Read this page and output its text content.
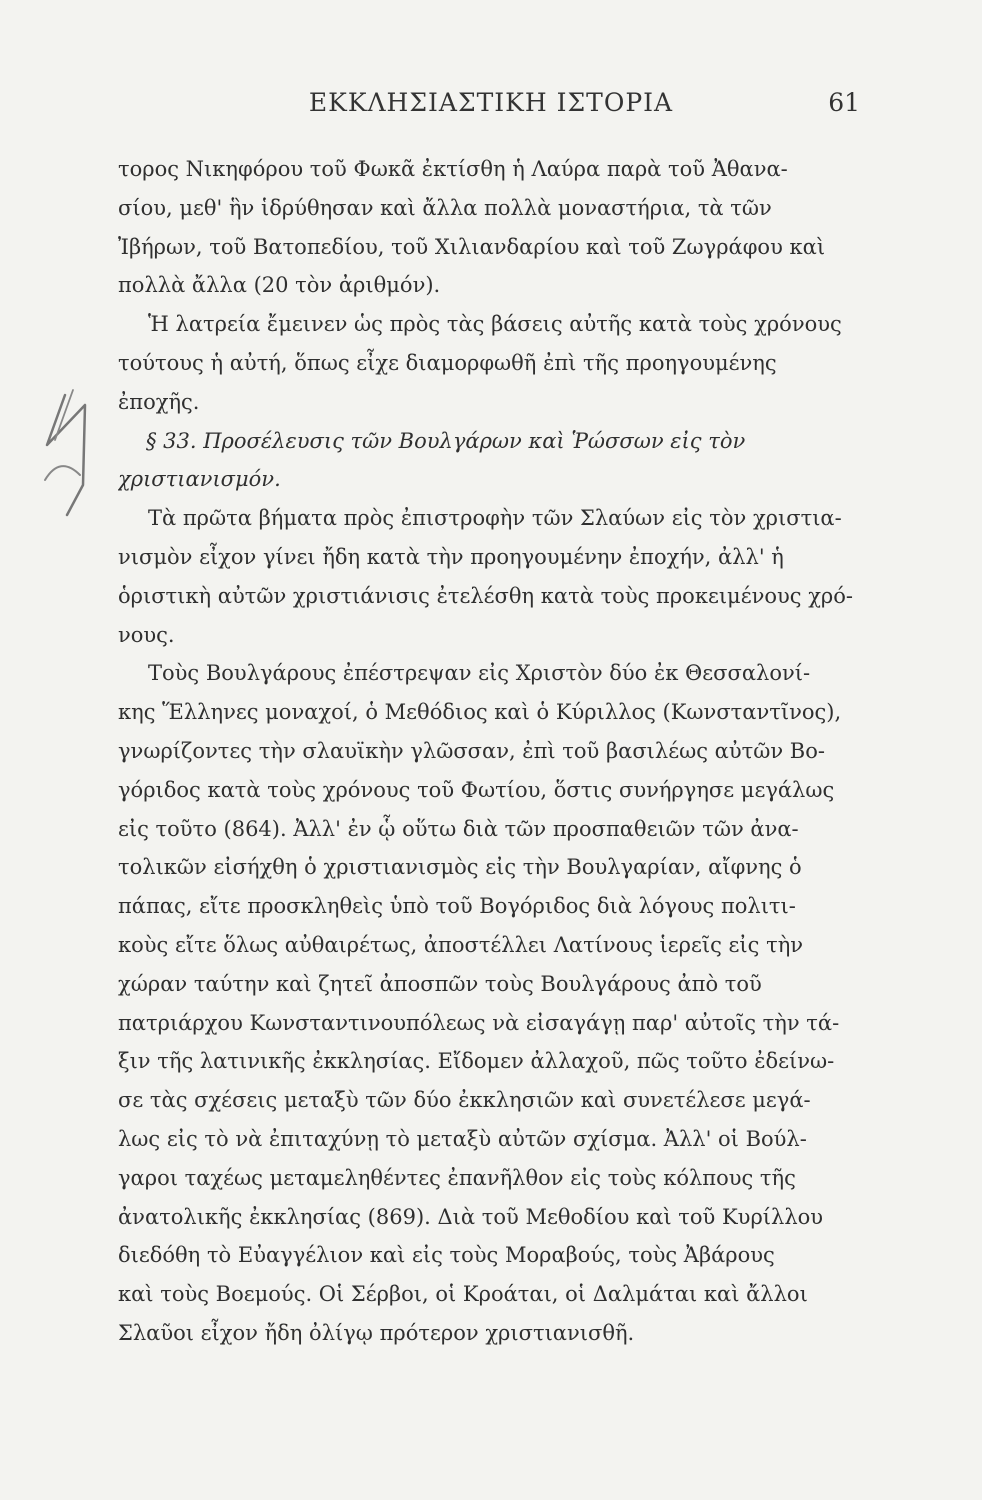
ΕΚΚΛΗΣΙΑΣΤΙΚΗ ΙΣΤΟΡΙΑ	61
τορος Νικηφόρου τοῦ Φωκᾶ ἐκτίσθη ἡ Λαύρα παρὰ τοῦ Ἀθανα-
σίου, μεθ' ἣν ἱδρύθησαν καὶ ἄλλα πολλὰ μοναστήρια, τὰ τῶν
Ἰβήρων, τοῦ Βατοπεδίου, τοῦ Χιλιανδαρίου καὶ τοῦ Ζωγράφου καὶ
πολλὰ ἄλλα (20 τὸν ἀριθμόν).
Ἡ λατρεία ἔμεινεν ὡς πρὸς τὰς βάσεις αὐτῆς κατὰ τοὺς χρόνους
τούτους ἡ αὐτή, ὅπως εἶχε διαμορφωθῆ ἐπὶ τῆς προηγουμένης
ἐποχῆς.
§ 33. Προσέλευσις τῶν Βουλγάρων καὶ Ῥώσσων εἰς τὸν
χριστιανισμόν.
Τὰ πρῶτα βήματα πρὸς ἐπιστροφὴν τῶν Σλαύων εἰς τὸν χριστια-
νισμὸν εἶχον γίνει ἤδη κατὰ τὴν προηγουμένην ἐποχήν, ἀλλ' ἡ
ὁριστικὴ αὐτῶν χριστιάνισις ἐτελέσθη κατὰ τοὺς προκειμένους χρό-
νους.
Τοὺς Βουλγάρους ἐπέστρεψαν εἰς Χριστὸν δύο ἐκ Θεσσαλονί-
κης Ἕλληνες μοναχοί, ὁ Μεθόδιος καὶ ὁ Κύριλλος (Κωνσταντῖνος),
γνωρίζοντες τὴν σλαυϊκὴν γλῶσσαν, ἐπὶ τοῦ βασιλέως αὐτῶν Βο-
γόριδος κατὰ τοὺς χρόνους τοῦ Φωτίου, ὅστις συνήργησε μεγάλως
εἰς τοῦτο (864). Ἀλλ' ἐν ᾧ οὕτω διὰ τῶν προσπαθειῶν τῶν ἀνα-
τολικῶν εἰσήχθη ὁ χριστιανισμὸς εἰς τὴν Βουλγαρίαν, αἴφνης ὁ
πάπας, εἴτε προσκληθεὶς ὑπὸ τοῦ Βογόριδος διὰ λόγους πολιτι-
κοὺς εἴτε ὅλως αὐθαιρέτως, ἀποστέλλει Λατίνους ἱερεῖς εἰς τὴν
χώραν ταύτην καὶ ζητεῖ ἀποσπῶν τοὺς Βουλγάρους ἀπὸ τοῦ
πατριάρχου Κωνσταντινουπόλεως νὰ εἰσαγάγῃ παρ' αὐτοῖς τὴν τά-
ξιν τῆς λατινικῆς ἐκκλησίας. Εἴδομεν ἀλλαχοῦ, πῶς τοῦτο ἐδείνω-
σε τὰς σχέσεις μεταξὺ τῶν δύο ἐκκλησιῶν καὶ συνετέλεσε μεγά-
λως εἰς τὸ νὰ ἐπιταχύνῃ τὸ μεταξὺ αὐτῶν σχίσμα. Ἀλλ' οἱ Βούλ-
γαροι ταχέως μεταμεληθέντες ἐπανῆλθον εἰς τοὺς κόλπους τῆς
ἀνατολικῆς ἐκκλησίας (869). Διὰ τοῦ Μεθοδίου καὶ τοῦ Κυρίλλου
διεδόθη τὸ Εὐαγγέλιον καὶ εἰς τοὺς Μοραβούς, τοὺς Ἀβάρους
καὶ τοὺς Βοεμούς. Οἱ Σέρβοι, οἱ Κροάται, οἱ Δαλμάται καὶ ἄλλοι
Σλαῦοι εἶχον ἤδη ὀλίγῳ πρότερον χριστιανισθῆ.
